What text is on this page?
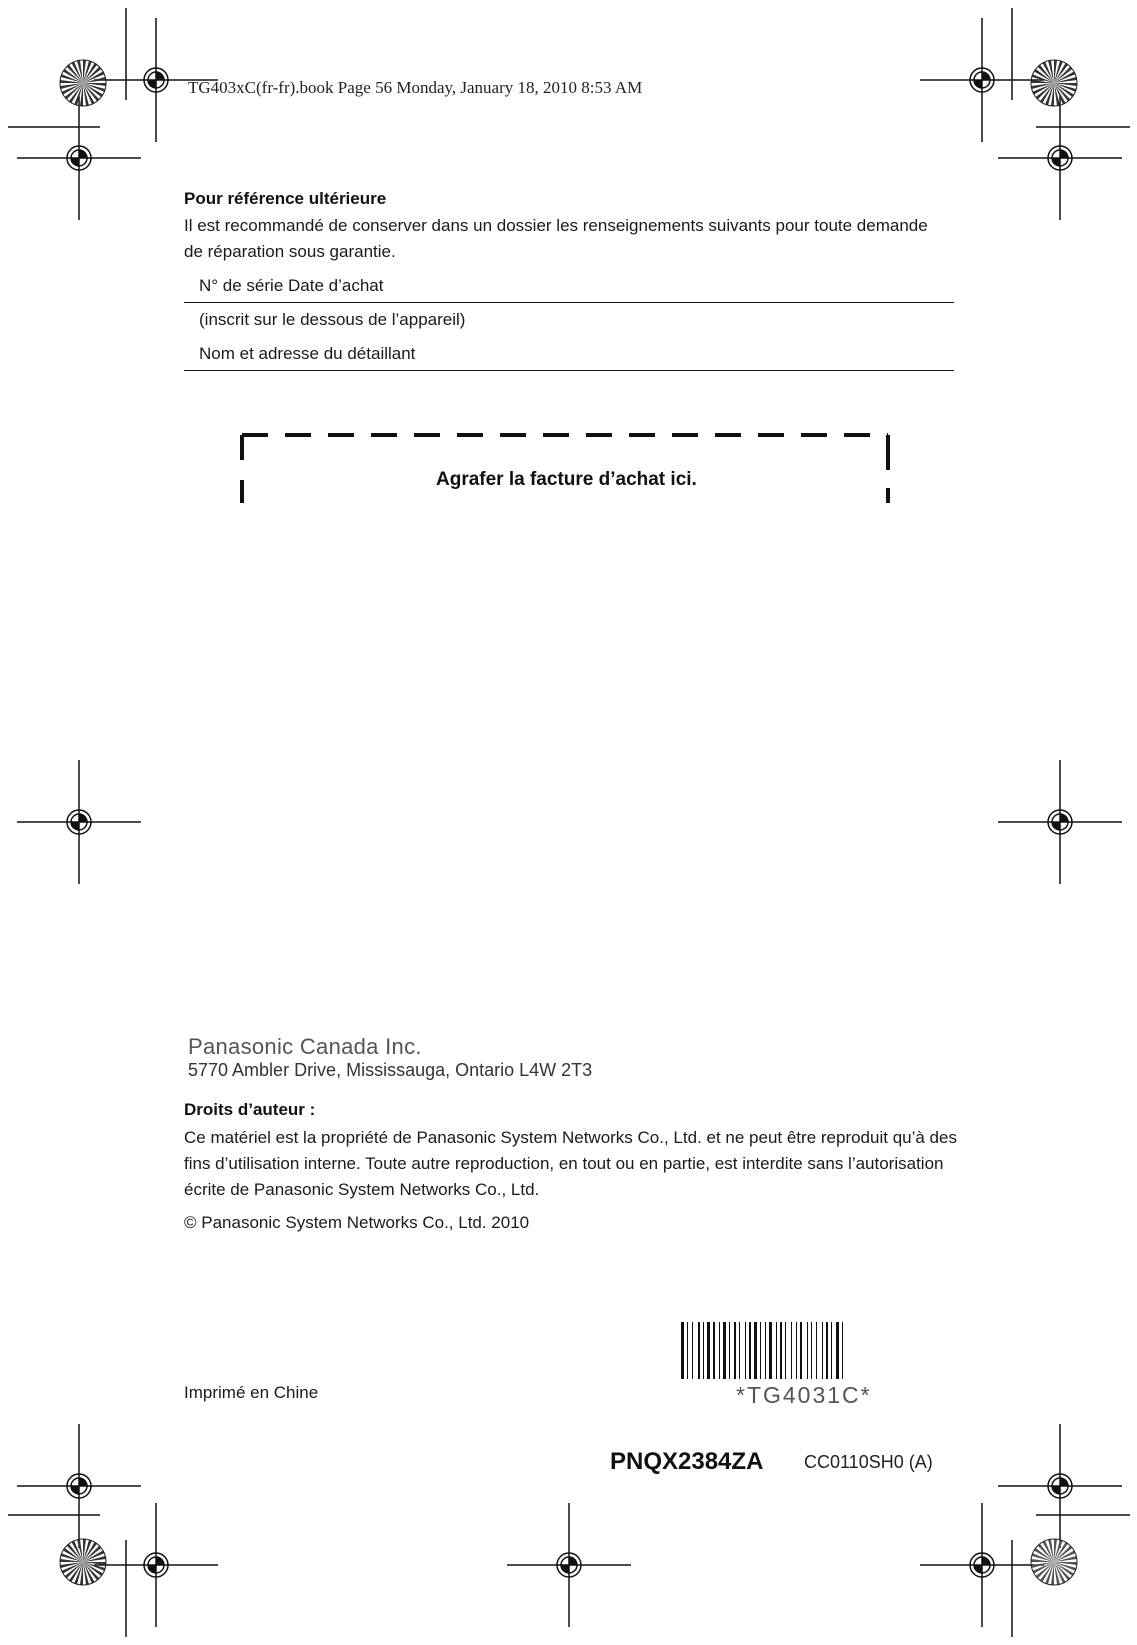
TG403xC(fr-fr).book Page 56 Monday, January 18, 2010 8:53 AM
Pour référence ultérieure
Il est recommandé de conserver dans un dossier les renseignements suivants pour toute demande de réparation sous garantie.
N° de série Date d’achat
(inscrit sur le dessous de l’appareil)
Nom et adresse du détaillant
Agrafer la facture d’achat ici.
Panasonic Canada Inc.
5770 Ambler Drive, Mississauga, Ontario L4W 2T3
Droits d’auteur :
Ce matériel est la propriété de Panasonic System Networks Co., Ltd. et ne peut être reproduit qu’à des fins d’utilisation interne. Toute autre reproduction, en tout ou en partie, est interdite sans l’autorisation écrite de Panasonic System Networks Co., Ltd.
© Panasonic System Networks Co., Ltd. 2010
Imprimé en Chine	*TG4031C*
PNQX2384ZA CC0110SH0 (A)
